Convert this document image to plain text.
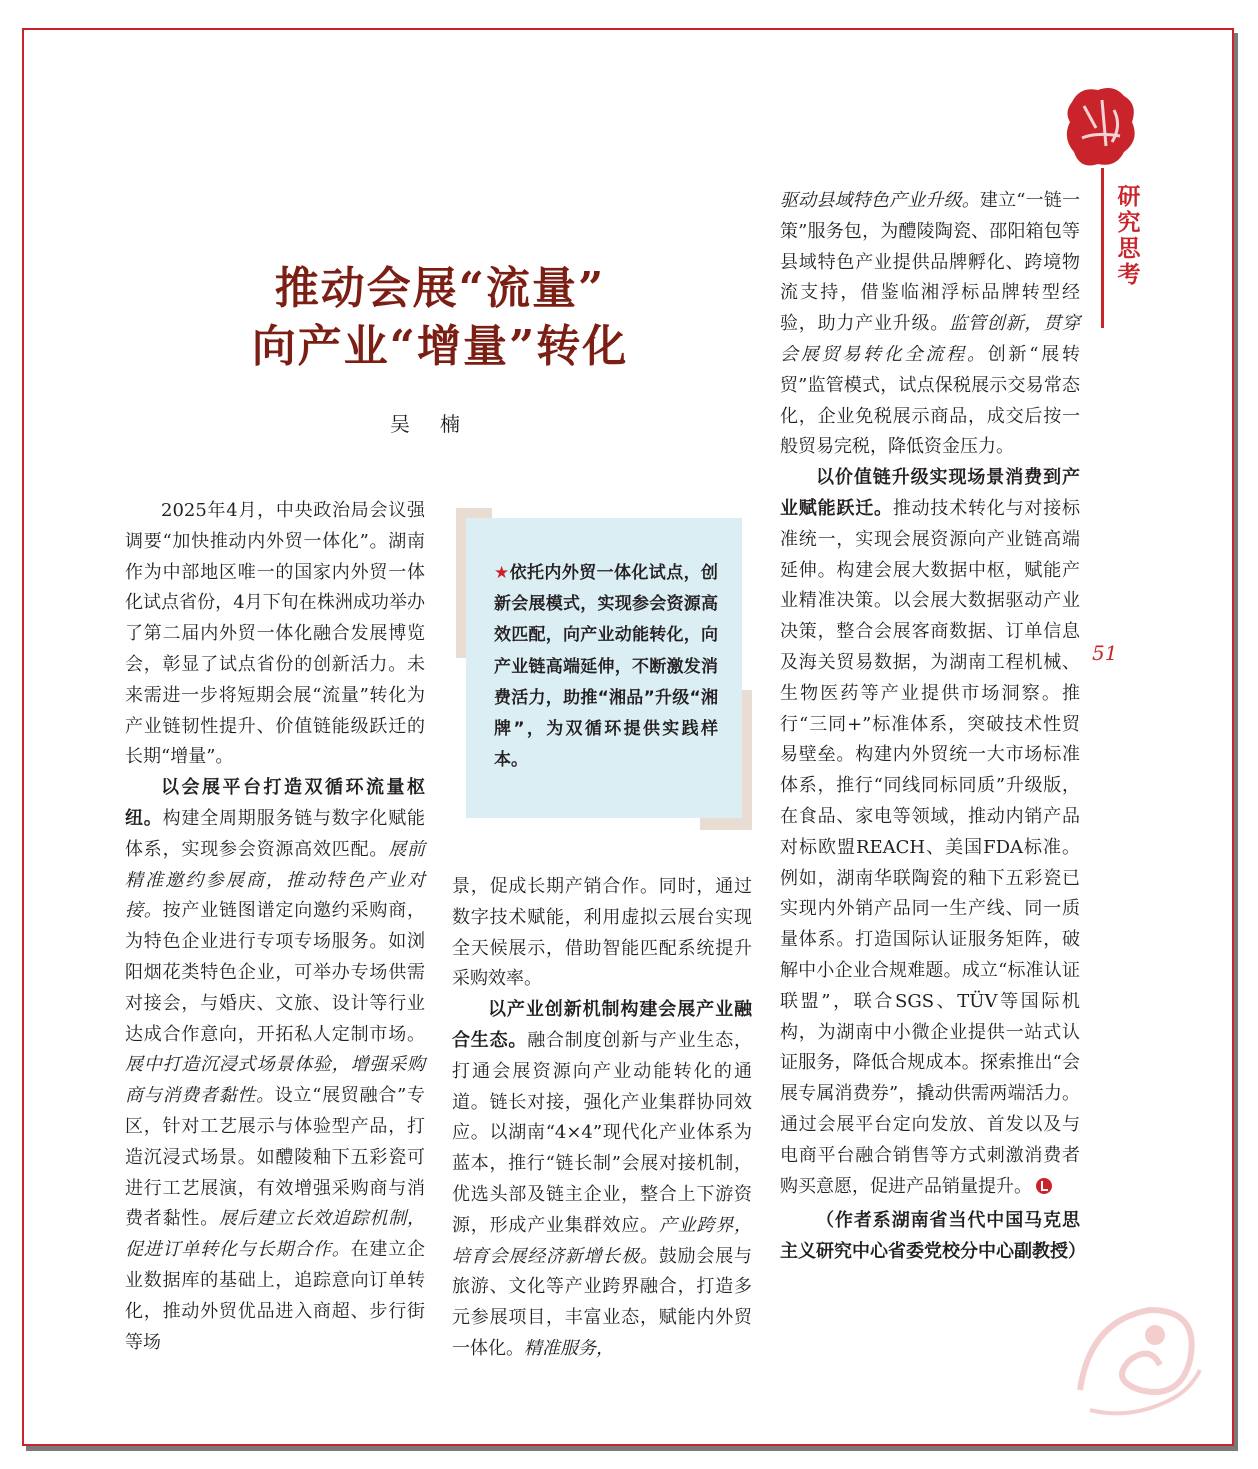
研究思考
51
推动会展“流量”
向产业“增量”转化
吴楠
★依托内外贸一体化试点，创新会展模式，实现参会资源高效匹配，向产业动能转化，向产业链高端延伸，不断激发消费活力，助推“湘品”升级“湘牌”，为双循环提供实践样本。

2025年4月，中央政治局会议强调要“加快推动内外贸一体化”。湖南作为中部地区唯一的国家内外贸一体化试点省份，4月下旬在株洲成功举办了第二届内外贸一体化融合发展博览会，彰显了试点省份的创新活力。未来需进一步将短期会展“流量”转化为产业链韧性提升、价值链能级跃迁的长期“增量”。

以会展平台打造双循环流量枢纽。构建全周期服务链与数字化赋能体系，实现参会资源高效匹配。展前精准邀约参展商，推动特色产业对接。按产业链图谱定向邀约采购商，为特色企业进行专项专场服务。如浏阳烟花类特色企业，可举办专场供需对接会，与婚庆、文旅、设计等行业达成合作意向，开拓私人定制市场。展中打造沉浸式场景体验，增强采购商与消费者黏性。设立“展贸融合”专区，针对工艺展示与体验型产品，打造沉浸式场景。如醴陵釉下五彩瓷可进行工艺展演，有效增强采购商与消费者黏性。展后建立长效追踪机制，促进订单转化与长期合作。在建立企业数据库的基础上，追踪意向订单转化，推动外贸优品进入商超、步行街等场

景，促成长期产销合作。同时，通过数字技术赋能，利用虚拟云展台实现全天候展示，借助智能匹配系统提升采购效率。

以产业创新机制构建会展产业融合生态。融合制度创新与产业生态，打通会展资源向产业动能转化的通道。链长对接，强化产业集群协同效应。以湖南“4×4”现代化产业体系为蓝本，推行“链长制”会展对接机制，优选头部及链主企业，整合上下游资源，形成产业集群效应。产业跨界，培育会展经济新增长极。鼓励会展与旅游、文化等产业跨界融合，打造多元参展项目，丰富业态，赋能内外贸一体化。精准服务，

驱动县域特色产业升级。建立“一链一策”服务包，为醴陵陶瓷、邵阳箱包等县域特色产业提供品牌孵化、跨境物流支持，借鉴临湘浮标品牌转型经验，助力产业升级。监管创新，贯穿会展贸易转化全流程。创新“展转贸”监管模式，试点保税展示交易常态化，企业免税展示商品，成交后按一般贸易完税，降低资金压力。

以价值链升级实现场景消费到产业赋能跃迁。推动技术转化与对接标准统一，实现会展资源向产业链高端延伸。构建会展大数据中枢，赋能产业精准决策。以会展大数据驱动产业决策，整合会展客商数据、订单信息及海关贸易数据，为湖南工程机械、生物医药等产业提供市场洞察。推行“三同+”标准体系，突破技术性贸易壁垒。构建内外贸统一大市场标准体系，推行“同线同标同质”升级版，在食品、家电等领域，推动内销产品对标欧盟REACH、美国FDA标准。例如，湖南华联陶瓷的釉下五彩瓷已实现内外销产品同一生产线、同一质量体系。打造国际认证服务矩阵，破解中小企业合规难题。成立“标准认证联盟”，联合SGS、TÜV等国际机构，为湖南中小微企业提供一站式认证服务，降低合规成本。探索推出“会展专属消费券”，撬动供需两端活力。通过会展平台定向发放、首发以及与电商平台融合销售等方式刺激消费者购买意愿，促进产品销量提升。

（作者系湖南省当代中国马克思主义研究中心省委党校分中心副教授）
